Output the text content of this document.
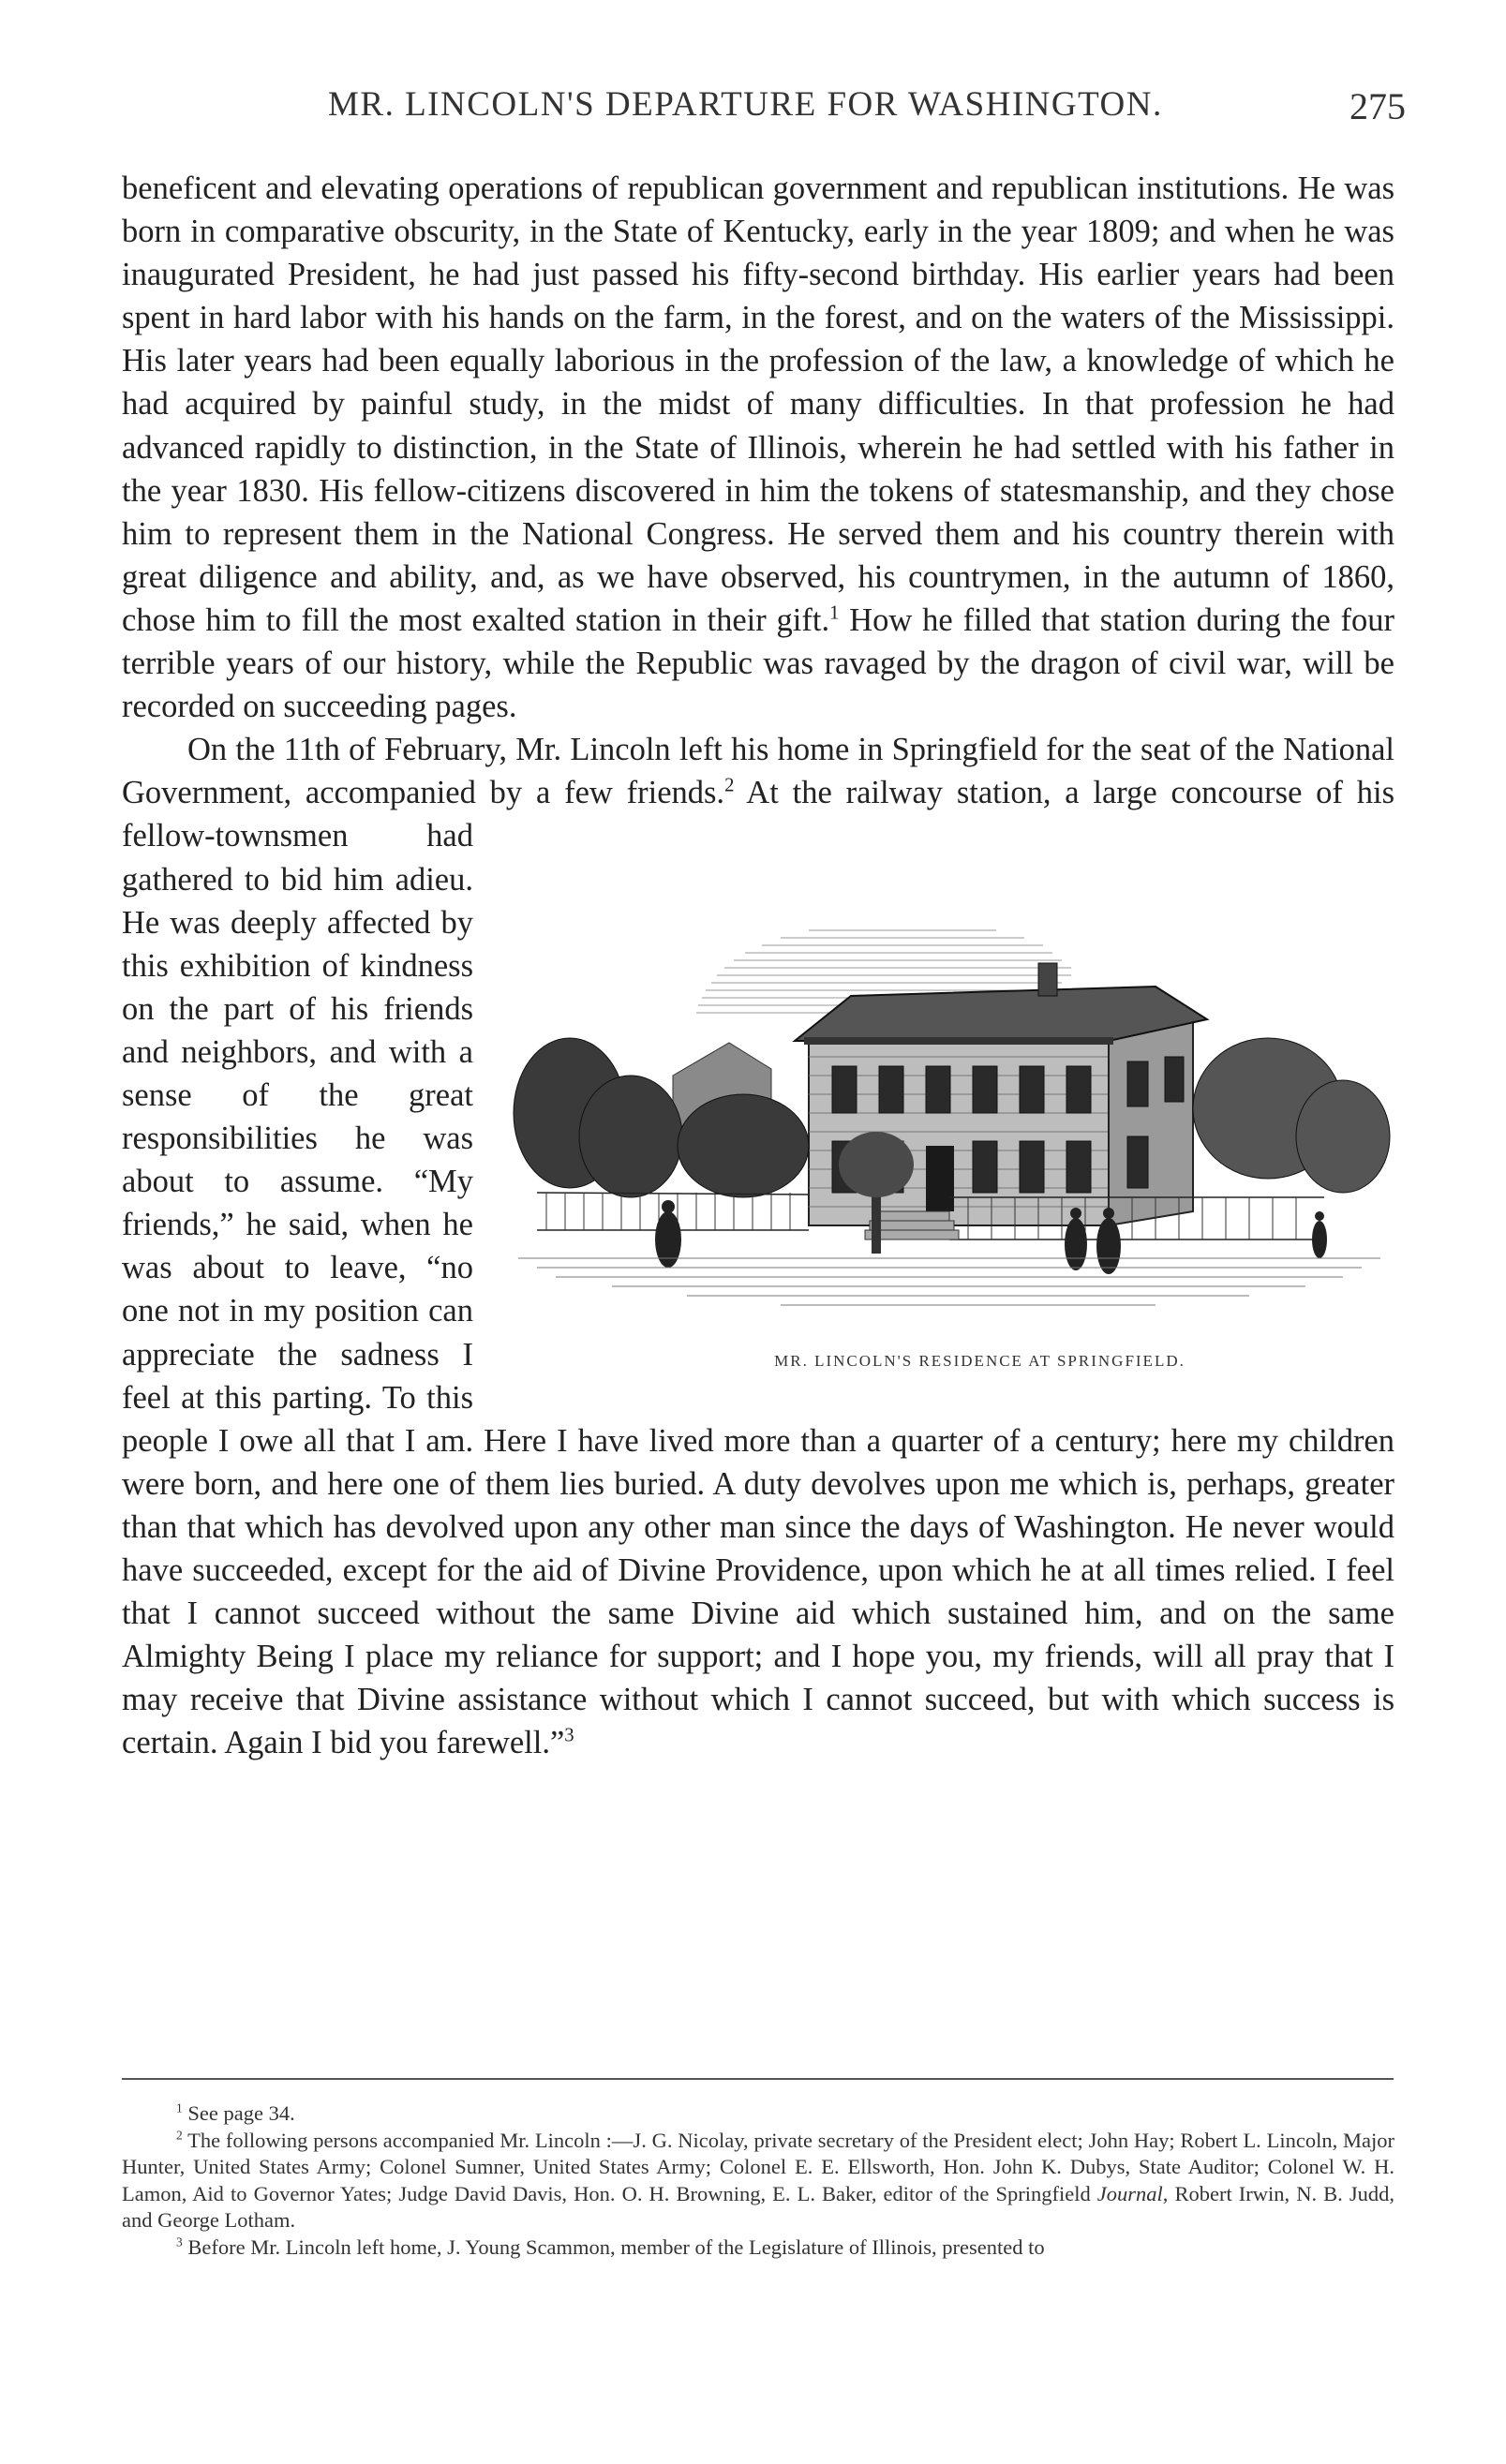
MR. LINCOLN'S DEPARTURE FOR WASHINGTON.	275

beneficent and elevating operations of republican government and republican institutions. He was born in comparative obscurity, in the State of Kentucky, early in the year 1809; and when he was inaugurated President, he had just passed his fifty-second birthday. His earlier years had been spent in hard labor with his hands on the farm, in the forest, and on the waters of the Mississippi. His later years had been equally laborious in the profession of the law, a knowledge of which he had acquired by painful study, in the midst of many difficulties. In that profession he had advanced rapidly to distinction, in the State of Illinois, wherein he had settled with his father in the year 1830. His fellow-citizens discovered in him the tokens of statesmanship, and they chose him to represent them in the National Congress. He served them and his country therein with great diligence and ability, and, as we have observed, his countrymen, in the autumn of 1860, chose him to fill the most exalted station in their gift.$^1$ How he filled that station during the four terrible years of our history, while the Republic was ravaged by the dragon of civil war, will be recorded on succeeding pages.

On the 11th of February, Mr. Lincoln left his home in Springfield for the seat of the National Government, accompanied by a few friends.$^2$
MR. LINCOLN'S RESIDENCE AT SPRINGFIELD.
At the railway station, a large concourse of his fellow-townsmen had gathered to bid him adieu. He was deeply affected by this exhibition of kindness on the part of his friends and neighbors, and with a sense of the great responsibilities he was about to assume. “My friends,” he said, when he was about to leave, “no one not in my position can appreciate the sadness I feel at this parting. To this people I owe all that I am. Here I have lived more than a quarter of a century; here my children were born, and here one of them lies buried. A duty devolves upon me which is, perhaps, greater than that which has devolved upon any other man since the days of Washington. He never would have succeeded, except for the aid of Divine Providence, upon which he at all times relied. I feel that I cannot succeed without the same Divine aid which sustained him, and on the same Almighty Being I place my reliance for support; and I hope you, my friends, will all pray that I may receive that Divine assistance without which I cannot succeed, but with which success is certain. Again I bid you farewell.”$^3$

$^1$ See page 34.

$^2$ The following persons accompanied Mr. Lincoln :—J. G. Nicolay, private secretary of the President elect; John Hay; Robert L. Lincoln, Major Hunter, United States Army; Colonel Sumner, United States Army; Colonel E. E. Ellsworth, Hon. John K. Dubys, State Auditor; Colonel W. H. Lamon, Aid to Governor Yates; Judge David Davis, Hon. O. H. Browning, E. L. Baker, editor of the Springfield Journal, Robert Irwin, N. B. Judd, and George Lotham.

$^3$ Before Mr. Lincoln left home, J. Young Scammon, member of the Legislature of Illinois, presented to
